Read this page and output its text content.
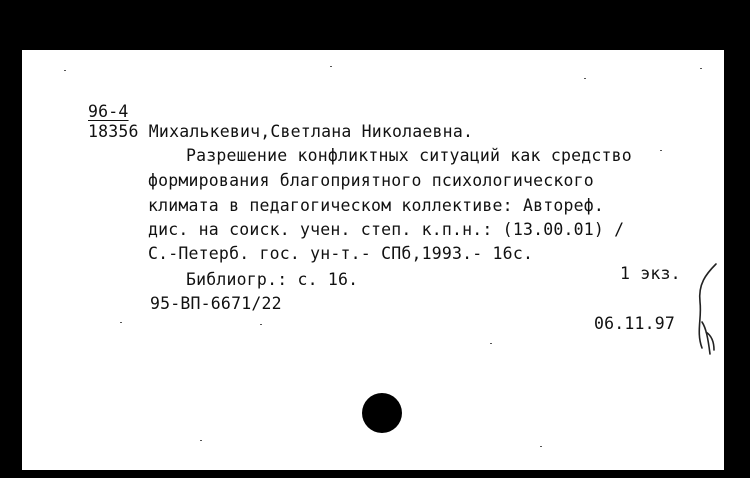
96-4
18356 Михалькевич,Светлана Николаевна.
Разрешение конфликтных ситуаций как средство
формирования благоприятного психологического
климата в педагогическом коллективе: Автореф.
дис. на соиск. учен. степ. к.п.н.: (13.00.01) /
С.-Петерб. гос. ун-т.- СПб,1993.- 16с.
Библиогр.: с. 16.	1 экз.
95-ВП-6671/22
06.11.97
